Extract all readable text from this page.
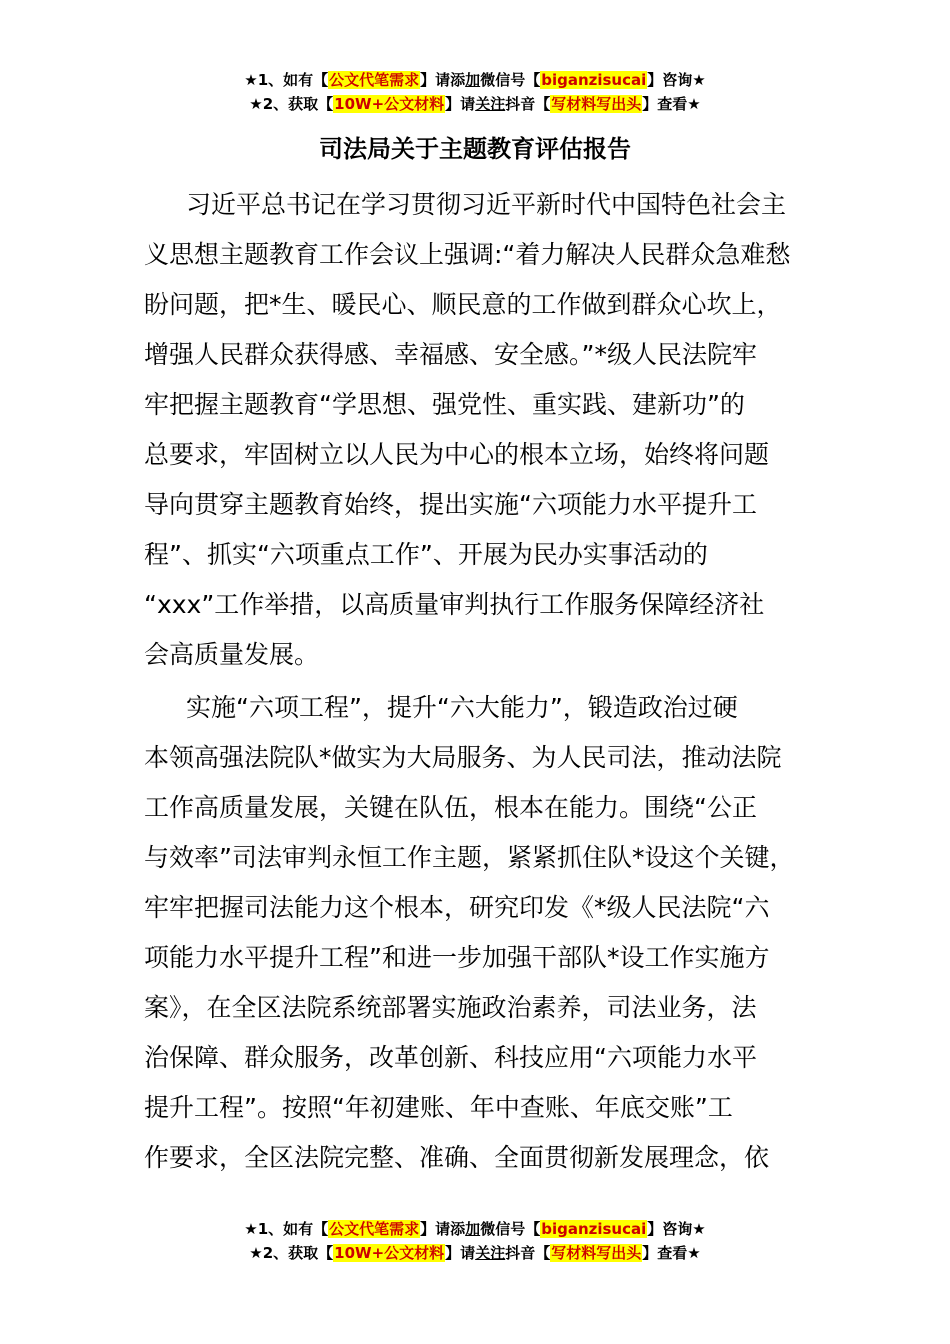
★1、如有【公文代笔需求】请添加微信号【biganzisucai】咨询★
★2、获取【10W+公文材料】请关注抖音【写材料写出头】查看★
司法局关于主题教育评估报告
习近平总书记在学习贯彻习近平新时代中国特色社会主
义思想主题教育工作会议上强调:“着力解决人民群众急难愁
盼问题，把*生、暖民心、顺民意的工作做到群众心坎上，
增强人民群众获得感、幸福感、安全感。”*级人民法院牢
牢把握主题教育“学思想、强党性、重实践、建新功”的
总要求，牢固树立以人民为中心的根本立场，始终将问题
导向贯穿主题教育始终，提出实施“六项能力水平提升工
程”、抓实“六项重点工作”、开展为民办实事活动的
“xxx”工作举措，以高质量审判执行工作服务保障经济社
会高质量发展。
实施“六项工程”，提升“六大能力”，锻造政治过硬
本领高强法院队*做实为大局服务、为人民司法，推动法院
工作高质量发展，关键在队伍，根本在能力。围绕“公正
与效率”司法审判永恒工作主题，紧紧抓住队*设这个关键，
牢牢把握司法能力这个根本，研究印发《*级人民法院“六
项能力水平提升工程”和进一步加强干部队*设工作实施方
案》，在全区法院系统部署实施政治素养，司法业务，法
治保障、群众服务，改革创新、科技应用“六项能力水平
提升工程”。按照“年初建账、年中查账、年底交账”工
作要求，全区法院完整、准确、全面贯彻新发展理念，依
★1、如有【公文代笔需求】请添加微信号【biganzisucai】咨询★
★2、获取【10W+公文材料】请关注抖音【写材料写出头】查看★
